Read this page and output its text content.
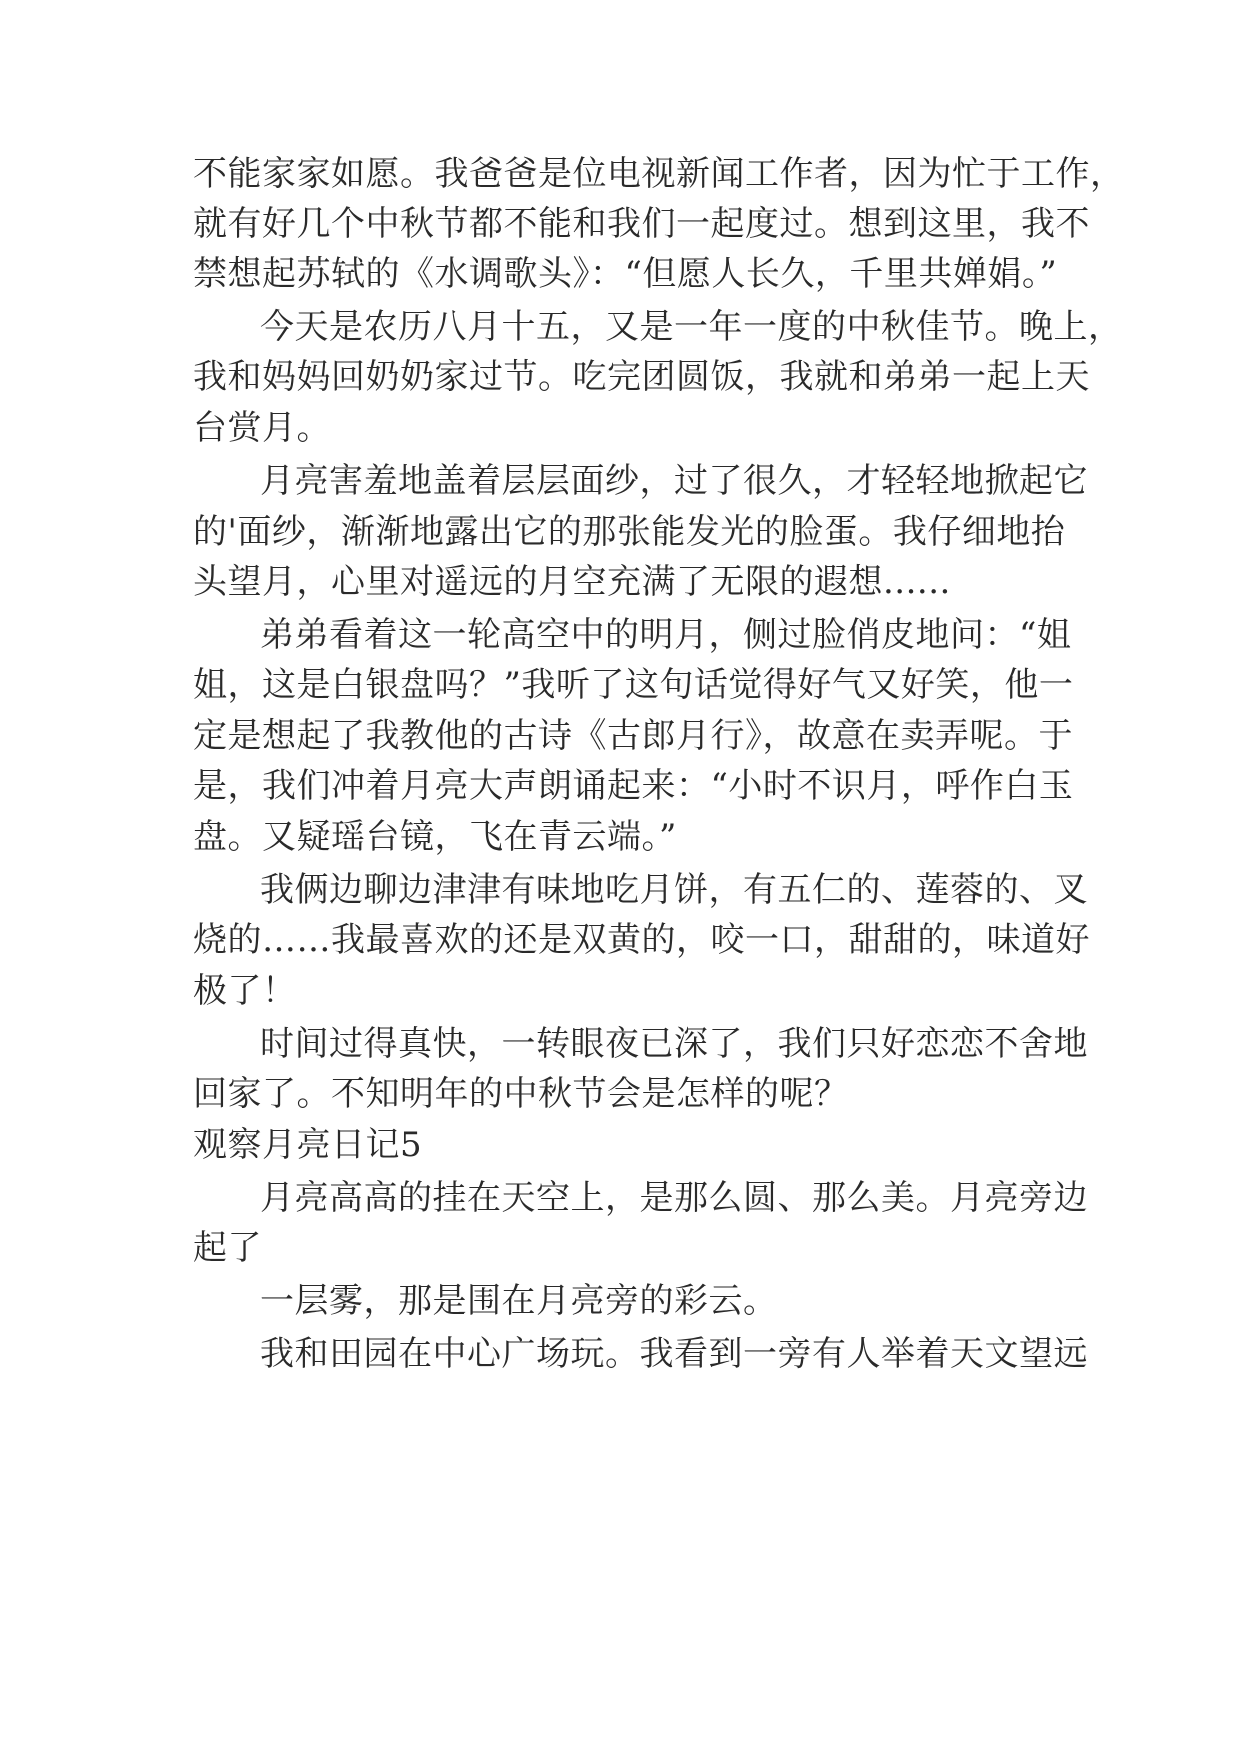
不能家家如愿。我爸爸是位电视新闻工作者，因为忙于工作，
就有好几个中秋节都不能和我们一起度过。想到这里，我不
禁想起苏轼的《水调歌头》：“但愿人长久，千里共婵娟。”
今天是农历八月十五，又是一年一度的中秋佳节。晚上，
我和妈妈回奶奶家过节。吃完团圆饭，我就和弟弟一起上天
台赏月。
月亮害羞地盖着层层面纱，过了很久，才轻轻地掀起它
的'面纱，渐渐地露出它的那张能发光的脸蛋。我仔细地抬
头望月，心里对遥远的月空充满了无限的遐想......
弟弟看着这一轮高空中的明月，侧过脸俏皮地问：“姐
姐，这是白银盘吗？”我听了这句话觉得好气又好笑，他一
定是想起了我教他的古诗《古郎月行》，故意在卖弄呢。于
是，我们冲着月亮大声朗诵起来：“小时不识月，呼作白玉
盘。又疑瑶台镜，飞在青云端。”
我俩边聊边津津有味地吃月饼，有五仁的、莲蓉的、叉
烧的……我最喜欢的还是双黄的，咬一口，甜甜的，味道好
极了！
时间过得真快，一转眼夜已深了，我们只好恋恋不舍地
回家了。不知明年的中秋节会是怎样的呢？
观察月亮日记5
月亮高高的挂在天空上，是那么圆、那么美。月亮旁边
起了
一层雾，那是围在月亮旁的彩云。
我和田园在中心广场玩。我看到一旁有人举着天文望远
